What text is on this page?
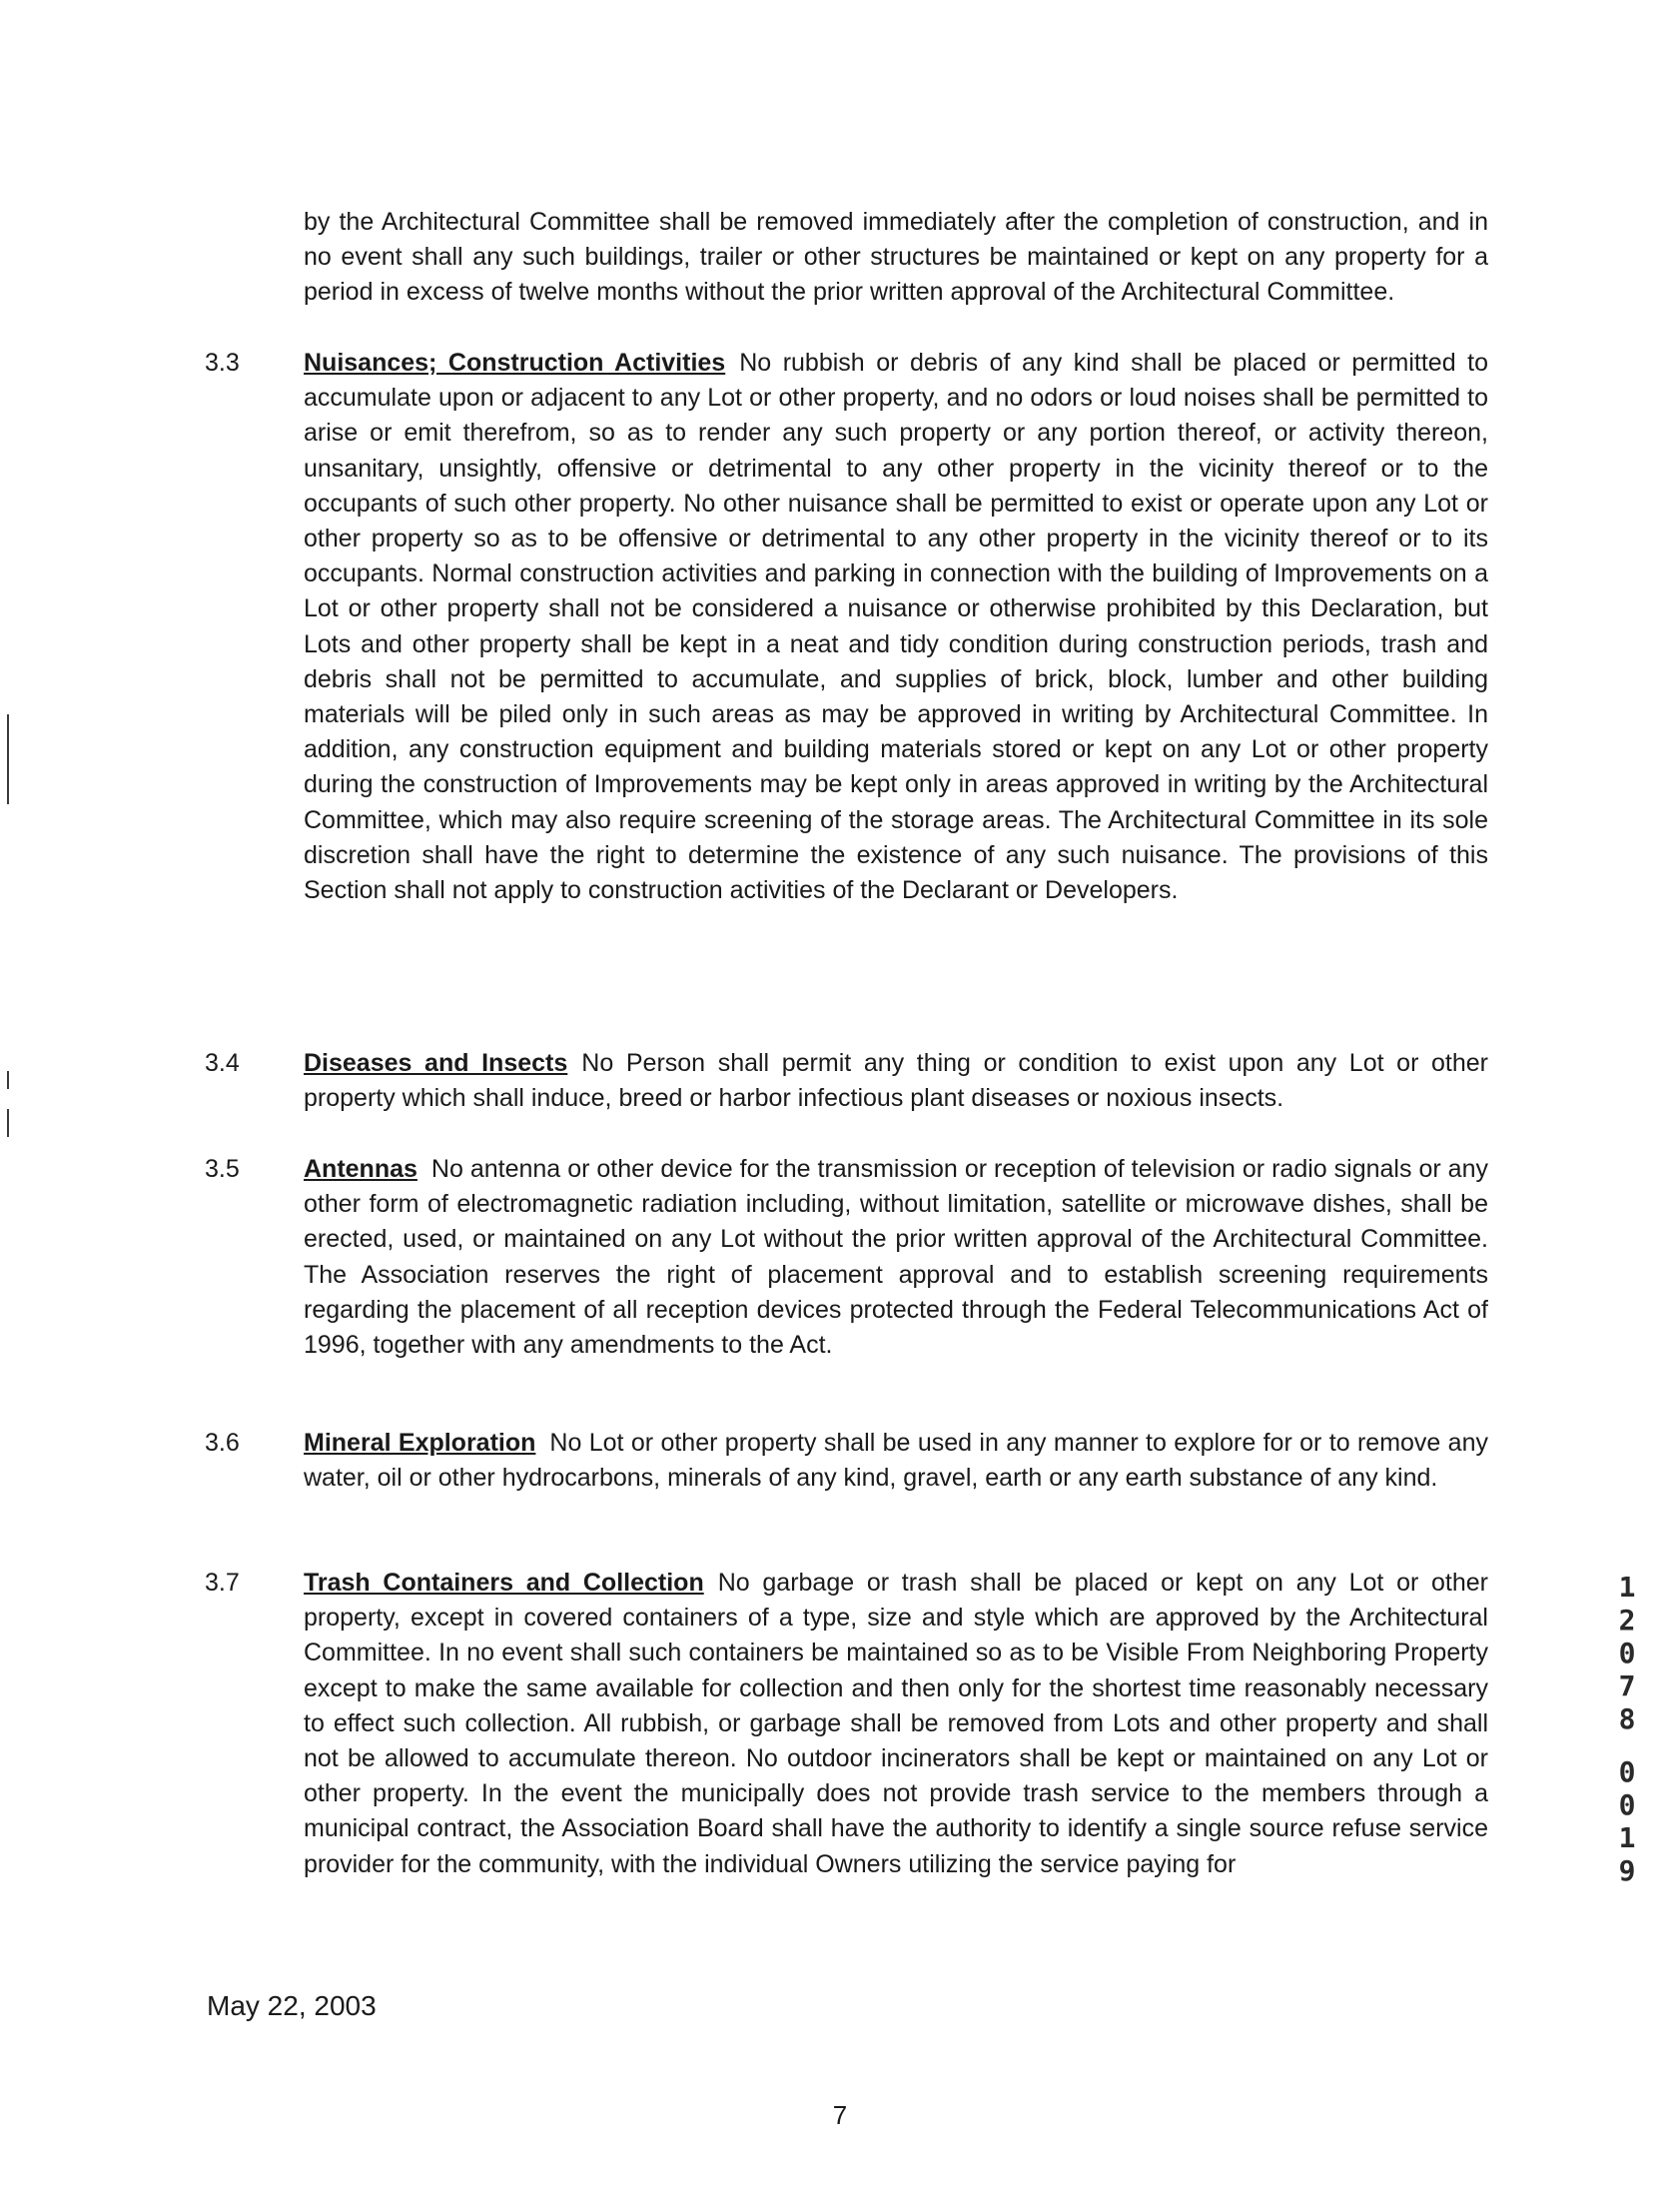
by the Architectural Committee shall be removed immediately after the completion of construction, and in no event shall any such buildings, trailer or other structures be maintained or kept on any property for a period in excess of twelve months without the prior written approval of the Architectural Committee.

3.3	Nuisances; Construction Activities No rubbish or debris of any kind shall be placed or permitted to accumulate upon or adjacent to any Lot or other property, and no odors or loud noises shall be permitted to arise or emit therefrom, so as to render any such property or any portion thereof, or activity thereon, unsanitary, unsightly, offensive or detrimental to any other property in the vicinity thereof or to the occupants of such other property. No other nuisance shall be permitted to exist or operate upon any Lot or other property so as to be offensive or detrimental to any other property in the vicinity thereof or to its occupants. Normal construction activities and parking in connection with the building of Improvements on a Lot or other property shall not be considered a nuisance or otherwise prohibited by this Declaration, but Lots and other property shall be kept in a neat and tidy condition during construction periods, trash and debris shall not be permitted to accumulate, and supplies of brick, block, lumber and other building materials will be piled only in such areas as may be approved in writing by Architectural Committee. In addition, any construction equipment and building materials stored or kept on any Lot or other property during the construction of Improvements may be kept only in areas approved in writing by the Architectural Committee, which may also require screening of the storage areas. The Architectural Committee in its sole discretion shall have the right to determine the existence of any such nuisance. The provisions of this Section shall not apply to construction activities of the Declarant or Developers.
3.4	Diseases and Insects No Person shall permit any thing or condition to exist upon any Lot or other property which shall induce, breed or harbor infectious plant diseases or noxious insects.
3.5	Antennas No antenna or other device for the transmission or reception of television or radio signals or any other form of electromagnetic radiation including, without limitation, satellite or microwave dishes, shall be erected, used, or maintained on any Lot without the prior written approval of the Architectural Committee. The Association reserves the right of placement approval and to establish screening requirements regarding the placement of all reception devices protected through the Federal Telecommunications Act of 1996, together with any amendments to the Act.
3.6	Mineral Exploration No Lot or other property shall be used in any manner to explore for or to remove any water, oil or other hydrocarbons, minerals of any kind, gravel, earth or any earth substance of any kind.
3.7	Trash Containers and Collection No garbage or trash shall be placed or kept on any Lot or other property, except in covered containers of a type, size and style which are approved by the Architectural Committee. In no event shall such containers be maintained so as to be Visible From Neighboring Property except to make the same available for collection and then only for the shortest time reasonably necessary to effect such collection. All rubbish, or garbage shall be removed from Lots and other property and shall not be allowed to accumulate thereon. No outdoor incinerators shall be kept or maintained on any Lot or other property. In the event the municipally does not provide trash service to the members through a municipal contract, the Association Board shall have the authority to identify a single source refuse service provider for the community, with the individual Owners utilizing the service paying for
1
2
0
7
8
0
0
1
9
May 22, 2003
7
